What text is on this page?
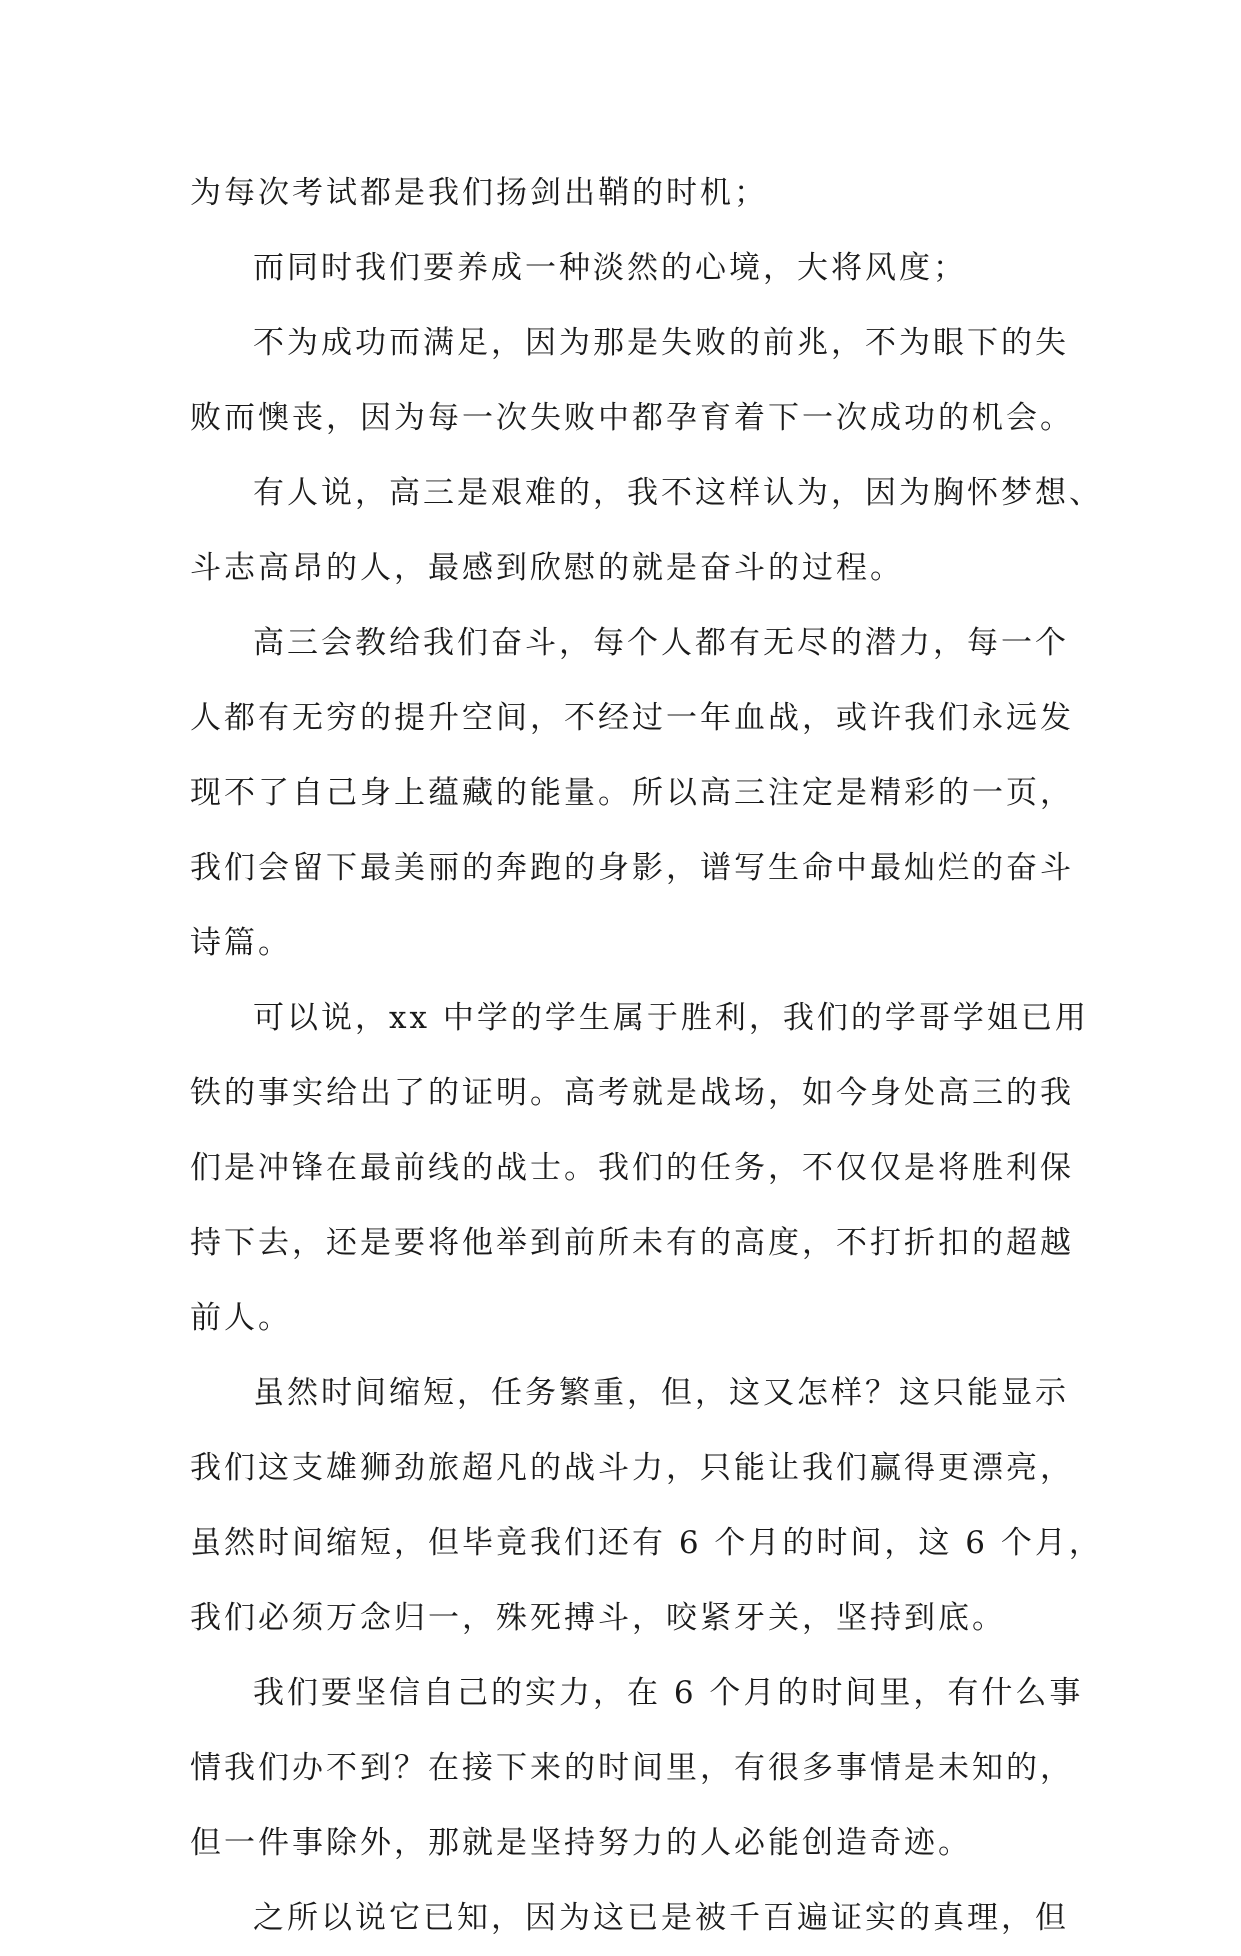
为每次考试都是我们扬剑出鞘的时机；
而同时我们要养成一种淡然的心境，大将风度；
不为成功而满足，因为那是失败的前兆，不为眼下的失
败而懊丧，因为每一次失败中都孕育着下一次成功的机会。
有人说，高三是艰难的，我不这样认为，因为胸怀梦想、
斗志高昂的人，最感到欣慰的就是奋斗的过程。
高三会教给我们奋斗，每个人都有无尽的潜力，每一个
人都有无穷的提升空间，不经过一年血战，或许我们永远发
现不了自己身上蕴藏的能量。所以高三注定是精彩的一页，
我们会留下最美丽的奔跑的身影，谱写生命中最灿烂的奋斗
诗篇。
可以说，xx 中学的学生属于胜利，我们的学哥学姐已用
铁的事实给出了的证明。高考就是战场，如今身处高三的我
们是冲锋在最前线的战士。我们的任务，不仅仅是将胜利保
持下去，还是要将他举到前所未有的高度，不打折扣的超越
前人。
虽然时间缩短，任务繁重，但，这又怎样？这只能显示
我们这支雄狮劲旅超凡的战斗力，只能让我们赢得更漂亮，
虽然时间缩短，但毕竟我们还有 6 个月的时间，这 6 个月，
我们必须万念归一，殊死搏斗，咬紧牙关，坚持到底。
我们要坚信自己的实力，在 6 个月的时间里，有什么事
情我们办不到？在接下来的时间里，有很多事情是未知的，
但一件事除外，那就是坚持努力的人必能创造奇迹。
之所以说它已知，因为这已是被千百遍证实的真理，但
